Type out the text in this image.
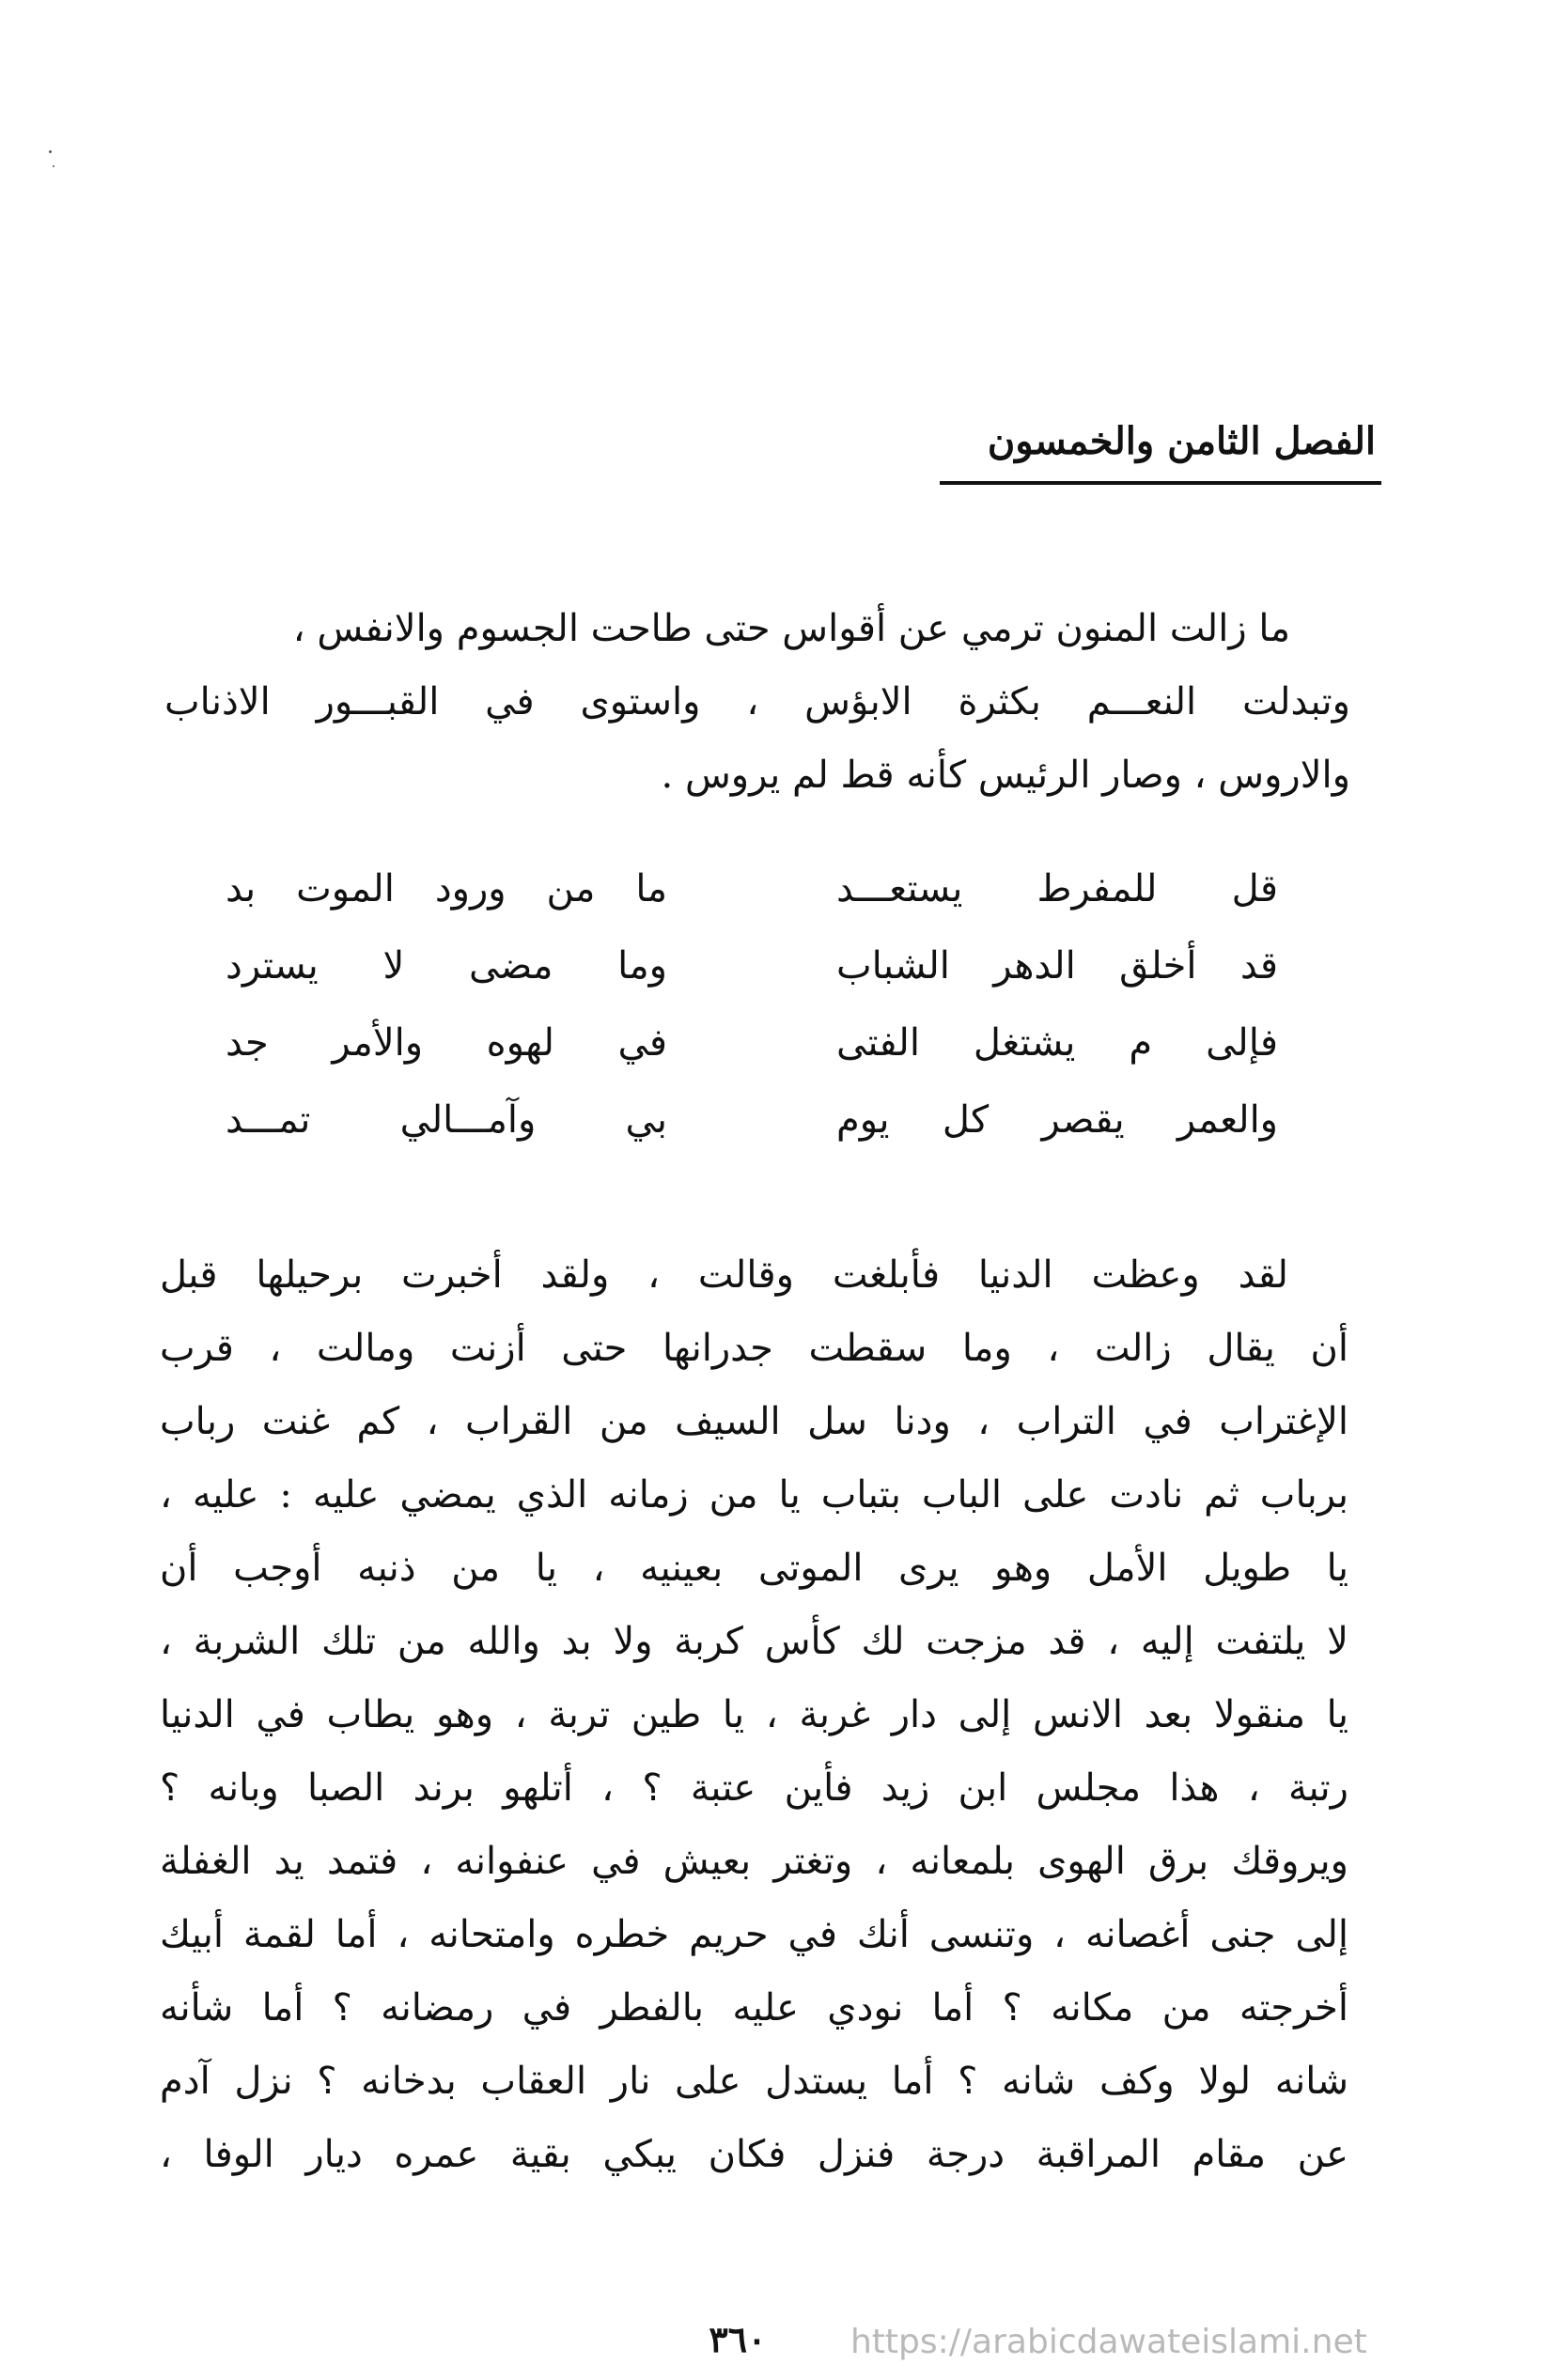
الفصل الثامن والخمسون
ما زالت المنون ترمي عن أقواس حتى طاحت الجسوم والانفس ،
وتبدلت النعـــم بكثرة الابؤس ، واستوى في القبـــور الاذناب
والاروس ، وصار الرئيس كأنه قط لم يروس .
قل للمفرط يستعـــد
ما من ورود الموت بد
قد أخلق الدهر الشباب
وما مضى لا يسترد
فإلى م يشتغل الفتى
في لهوه والأمر جد
والعمر يقصر كل يوم
بي وآمـــالي تمـــد
لقد وعظت الدنيا فأبلغت وقالت ، ولقد أخبرت برحيلها قبل
أن يقال زالت ، وما سقطت جدرانها حتى أزنت ومالت ، قرب
الإغتراب في التراب ، ودنا سل السيف من القراب ، كم غنت رباب
برباب ثم نادت على الباب بتباب يا من زمانه الذي يمضي عليه : عليه ،
يا طويل الأمل وهو يرى الموتى بعينيه ، يا من ذنبه أوجب أن
لا يلتفت إليه ، قد مزجت لك كأس كربة ولا بد والله من تلك الشربة ،
يا منقولا بعد الانس إلى دار غربة ، يا طين تربة ، وهو يطاب في الدنيا
رتبة ، هذا مجلس ابن زيد فأين عتبة ؟ ، أتلهو برند الصبا وبانه ؟
ويروقك برق الهوى بلمعانه ، وتغتر بعيش في عنفوانه ، فتمد يد الغفلة
إلى جنى أغصانه ، وتنسى أنك في حريم خطره وامتحانه ، أما لقمة أبيك
أخرجته من مكانه ؟ أما نودي عليه بالفطر في رمضانه ؟ أما شأنه
شانه لولا وكف شانه ؟ أما يستدل على نار العقاب بدخانه ؟ نزل آدم
عن مقام المراقبة درجة فنزل فكان يبكي بقية عمره ديار الوفا ،
٣٦٠	https://arabicdawateislami.net
